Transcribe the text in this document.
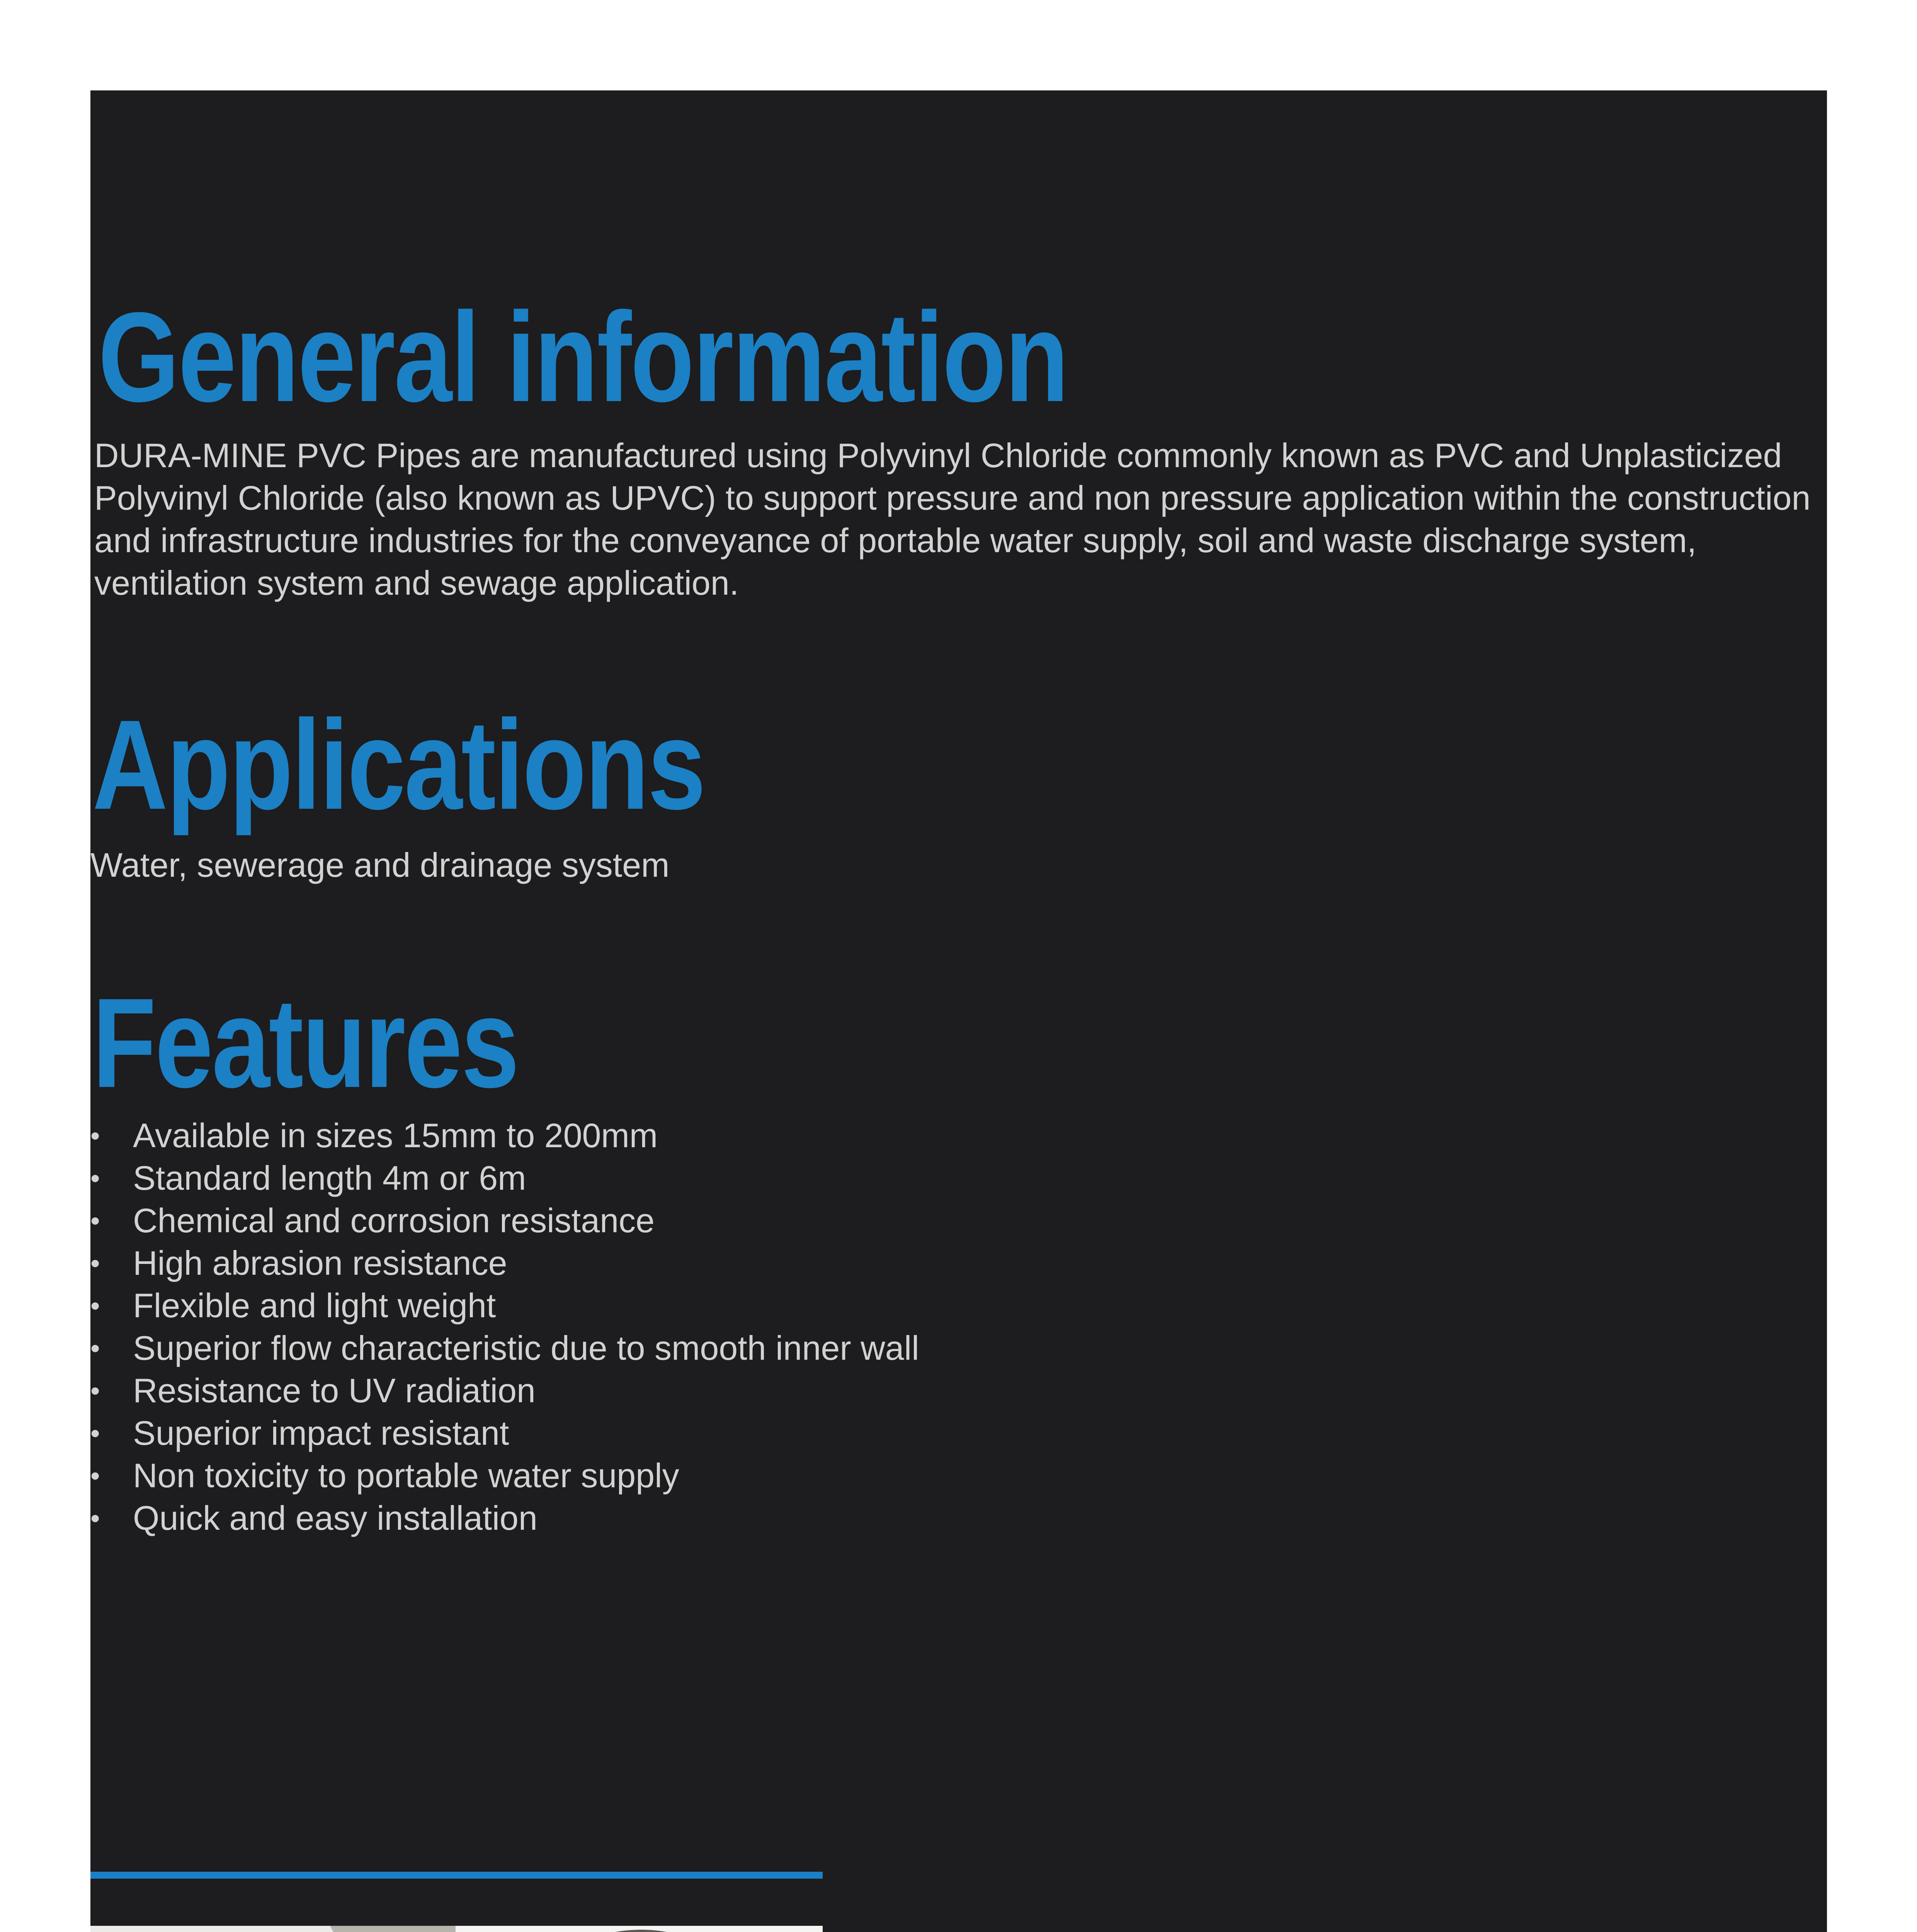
General information

DURA-MINE PVC Pipes are manufactured using Polyvinyl Chloride commonly known as PVC and Unplasticized Polyvinyl Chloride (also known as UPVC) to support pressure and non pressure application within the construction and infrastructure industries for the conveyance of portable water supply, soil and waste discharge system, ventilation system and sewage application.

Applications

Water, sewerage and drainage system

Features
• Available in sizes 15mm to 200mm
• Standard length 4m or 6m
• Chemical and corrosion resistance
• High abrasion resistance
• Flexible and light weight
• Superior flow characteristic due to smooth inner wall
• Resistance to UV radiation
• Superior impact resistant
• Non toxicity to portable water supply
• Quick and easy installation
